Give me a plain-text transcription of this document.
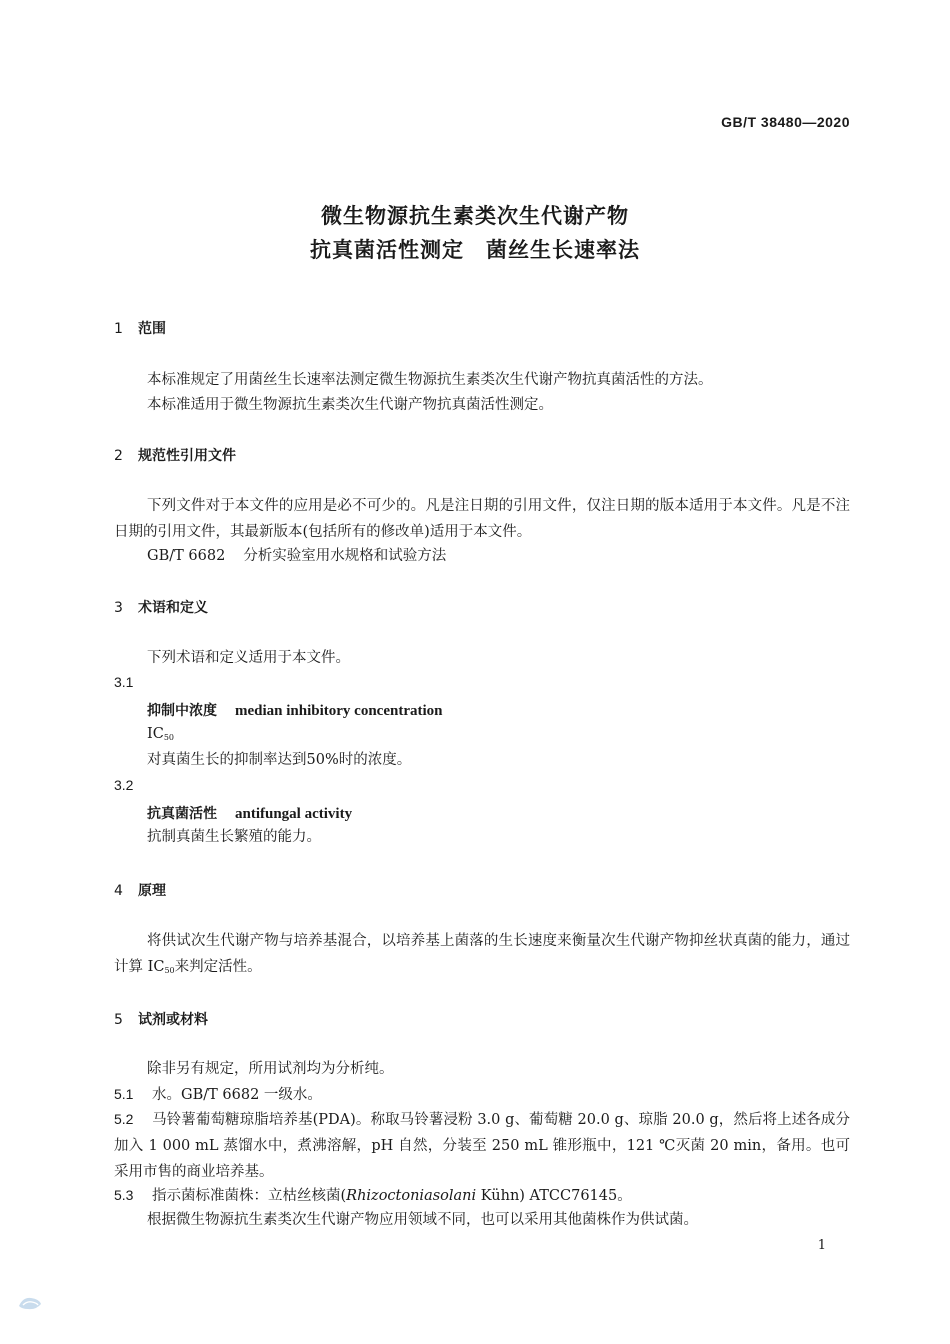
GB/T 38480—2020

微生物源抗生素类次生代谢产物

抗真菌活性测定　菌丝生长速率法

1 范围

本标准规定了用菌丝生长速率法测定微生物源抗生素类次生代谢产物抗真菌活性的方法。

本标准适用于微生物源抗生素类次生代谢产物抗真菌活性测定。

2 规范性引用文件

下列文件对于本文件的应用是必不可少的。凡是注日期的引用文件，仅注日期的版本适用于本文件。凡是不注日期的引用文件，其最新版本(包括所有的修改单)适用于本文件。

GB/T 6682 分析实验室用水规格和试验方法

3 术语和定义

下列术语和定义适用于本文件。

3.1

抑制中浓度 median inhibitory concentration

$IC_{50}$

对真菌生长的抑制率达到50%时的浓度。

3.2

抗真菌活性 antifungal activity

抗制真菌生长繁殖的能力。

4 原理

将供试次生代谢产物与培养基混合，以培养基上菌落的生长速度来衡量次生代谢产物抑丝状真菌的能力，通过计算 $IC_{50}$来判定活性。

5 试剂或材料

除非另有规定，所用试剂均为分析纯。

5.1 水。GB/T 6682 一级水。

5.2 马铃薯葡萄糖琼脂培养基(PDA)。称取马铃薯浸粉 3.0 g、葡萄糖 20.0 g、琼脂 20.0 g，然后将上述各成分加入 1 000 mL 蒸馏水中，煮沸溶解，pH 自然，分装至 250 mL 锥形瓶中，121 ℃灭菌 20 min，备用。也可采用市售的商业培养基。

5.3 指示菌标准菌株：立枯丝核菌(Rhizoctoniasolani Kühn) ATCC76145。

根据微生物源抗生素类次生代谢产物应用领域不同，也可以采用其他菌株作为供试菌。

1
